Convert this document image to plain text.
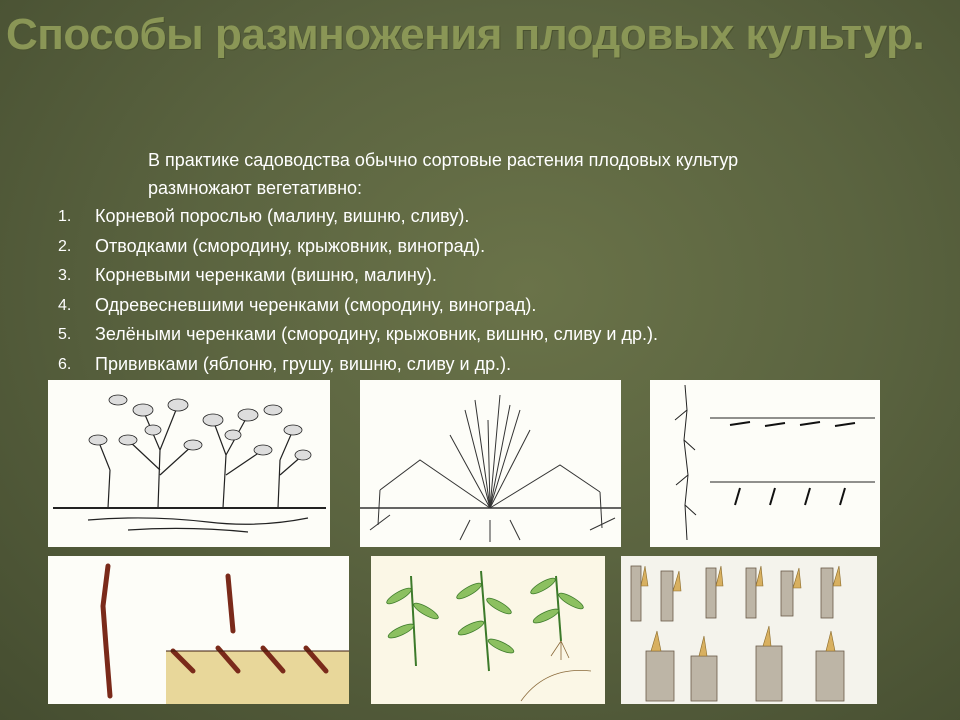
Способы размножения плодовых культур.
В практике садоводства обычно сортовые растения плодовых культур размножают вегетативно:
1.	Корневой порослью (малину, вишню, сливу).
2.	Отводками (смородину, крыжовник, виноград).
3.	Корневыми черенками (вишню, малину).
4.	Одревесневшими черенками (смородину, виноград).
5.	Зелёными черенками (смородину, крыжовник, вишню, сливу и др.).
6.	Прививками (яблоню, грушу, вишню, сливу и др.).
